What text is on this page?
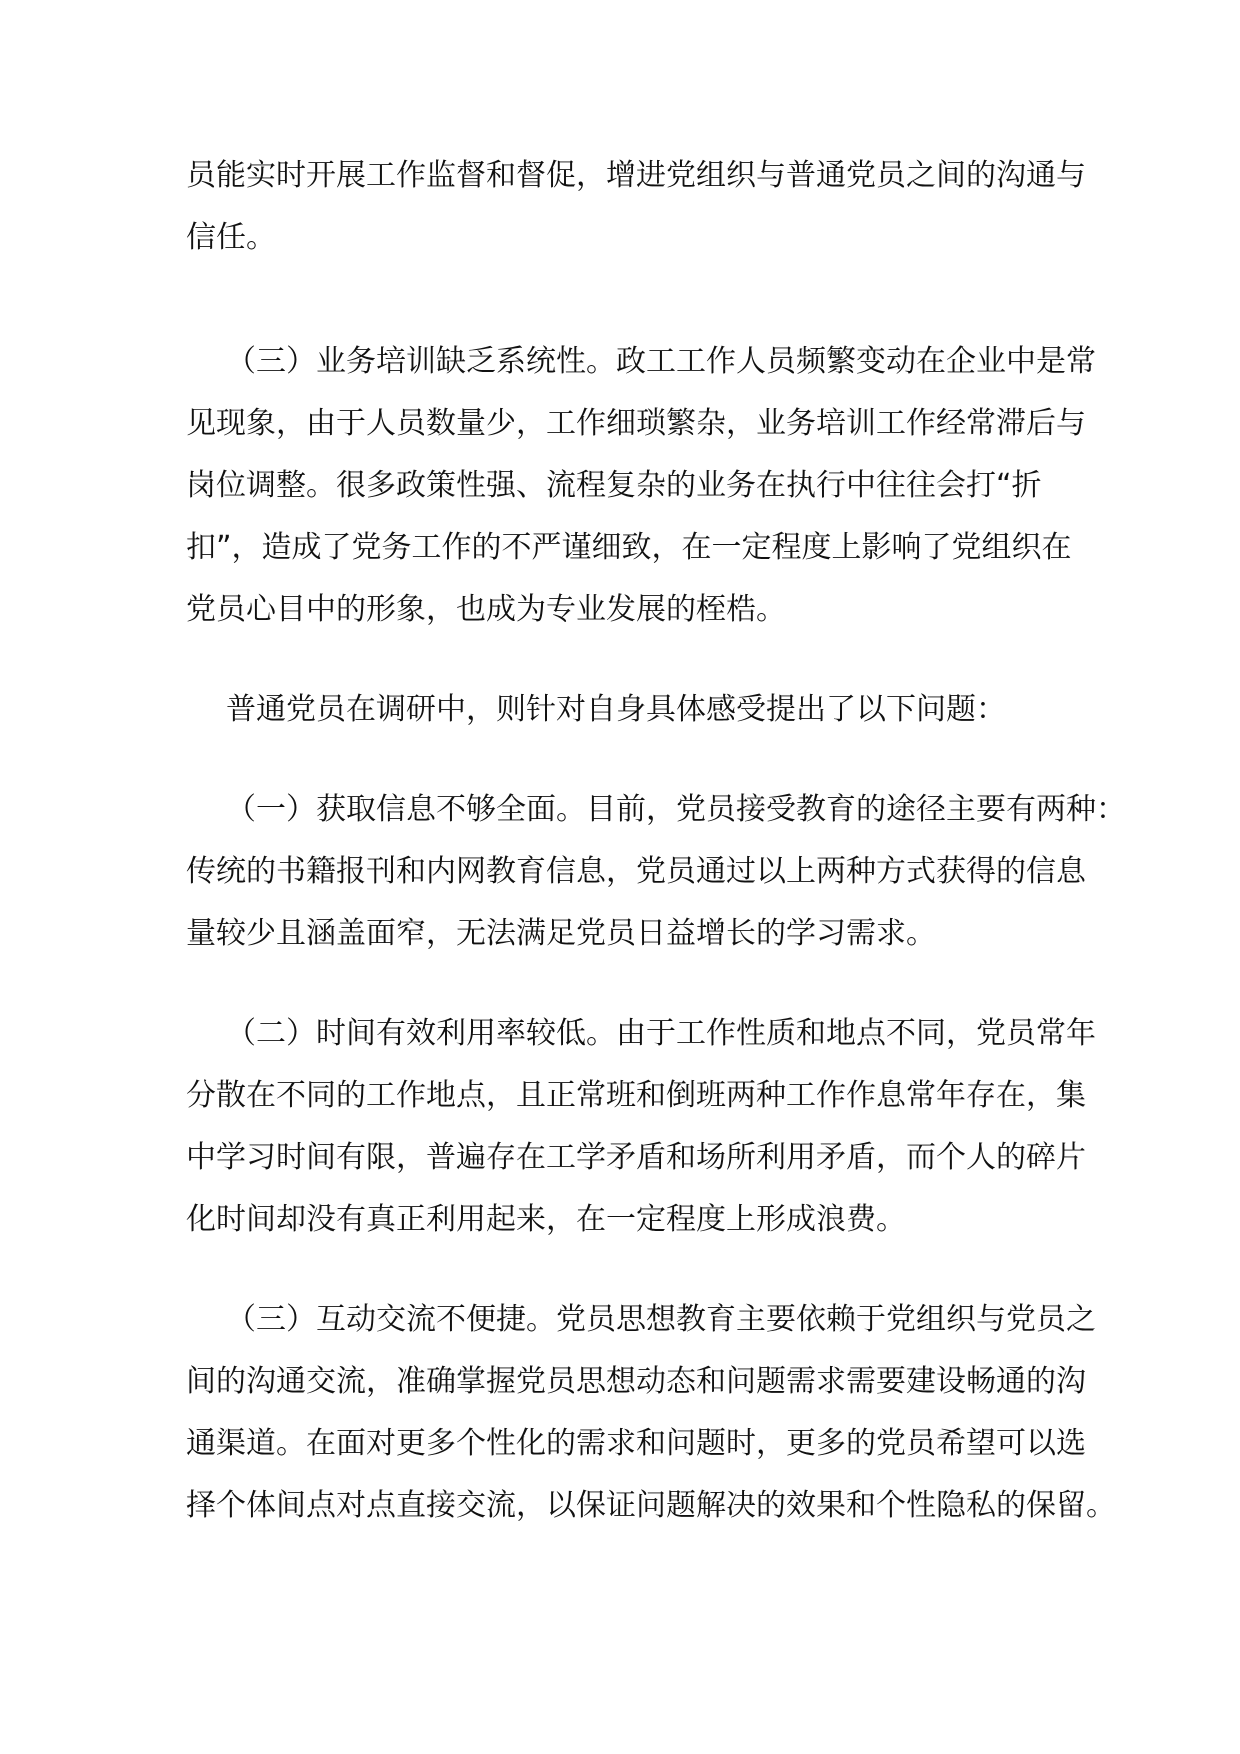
员能实时开展工作监督和督促，增进党组织与普通党员之间的沟通与

信任。

（三）业务培训缺乏系统性。政工工作人员频繁变动在企业中是常

见现象，由于人员数量少，工作细琐繁杂，业务培训工作经常滞后与

岗位调整。很多政策性强、流程复杂的业务在执行中往往会打“折

扣”，造成了党务工作的不严谨细致，在一定程度上影响了党组织在

党员心目中的形象，也成为专业发展的桎梏。

普通党员在调研中，则针对自身具体感受提出了以下问题：

（一）获取信息不够全面。目前，党员接受教育的途径主要有两种：

传统的书籍报刊和内网教育信息，党员通过以上两种方式获得的信息

量较少且涵盖面窄，无法满足党员日益增长的学习需求。

（二）时间有效利用率较低。由于工作性质和地点不同，党员常年

分散在不同的工作地点，且正常班和倒班两种工作作息常年存在，集

中学习时间有限，普遍存在工学矛盾和场所利用矛盾，而个人的碎片

化时间却没有真正利用起来，在一定程度上形成浪费。

（三）互动交流不便捷。党员思想教育主要依赖于党组织与党员之

间的沟通交流，准确掌握党员思想动态和问题需求需要建设畅通的沟

通渠道。在面对更多个性化的需求和问题时，更多的党员希望可以选

择个体间点对点直接交流，以保证问题解决的效果和个性隐私的保留。
